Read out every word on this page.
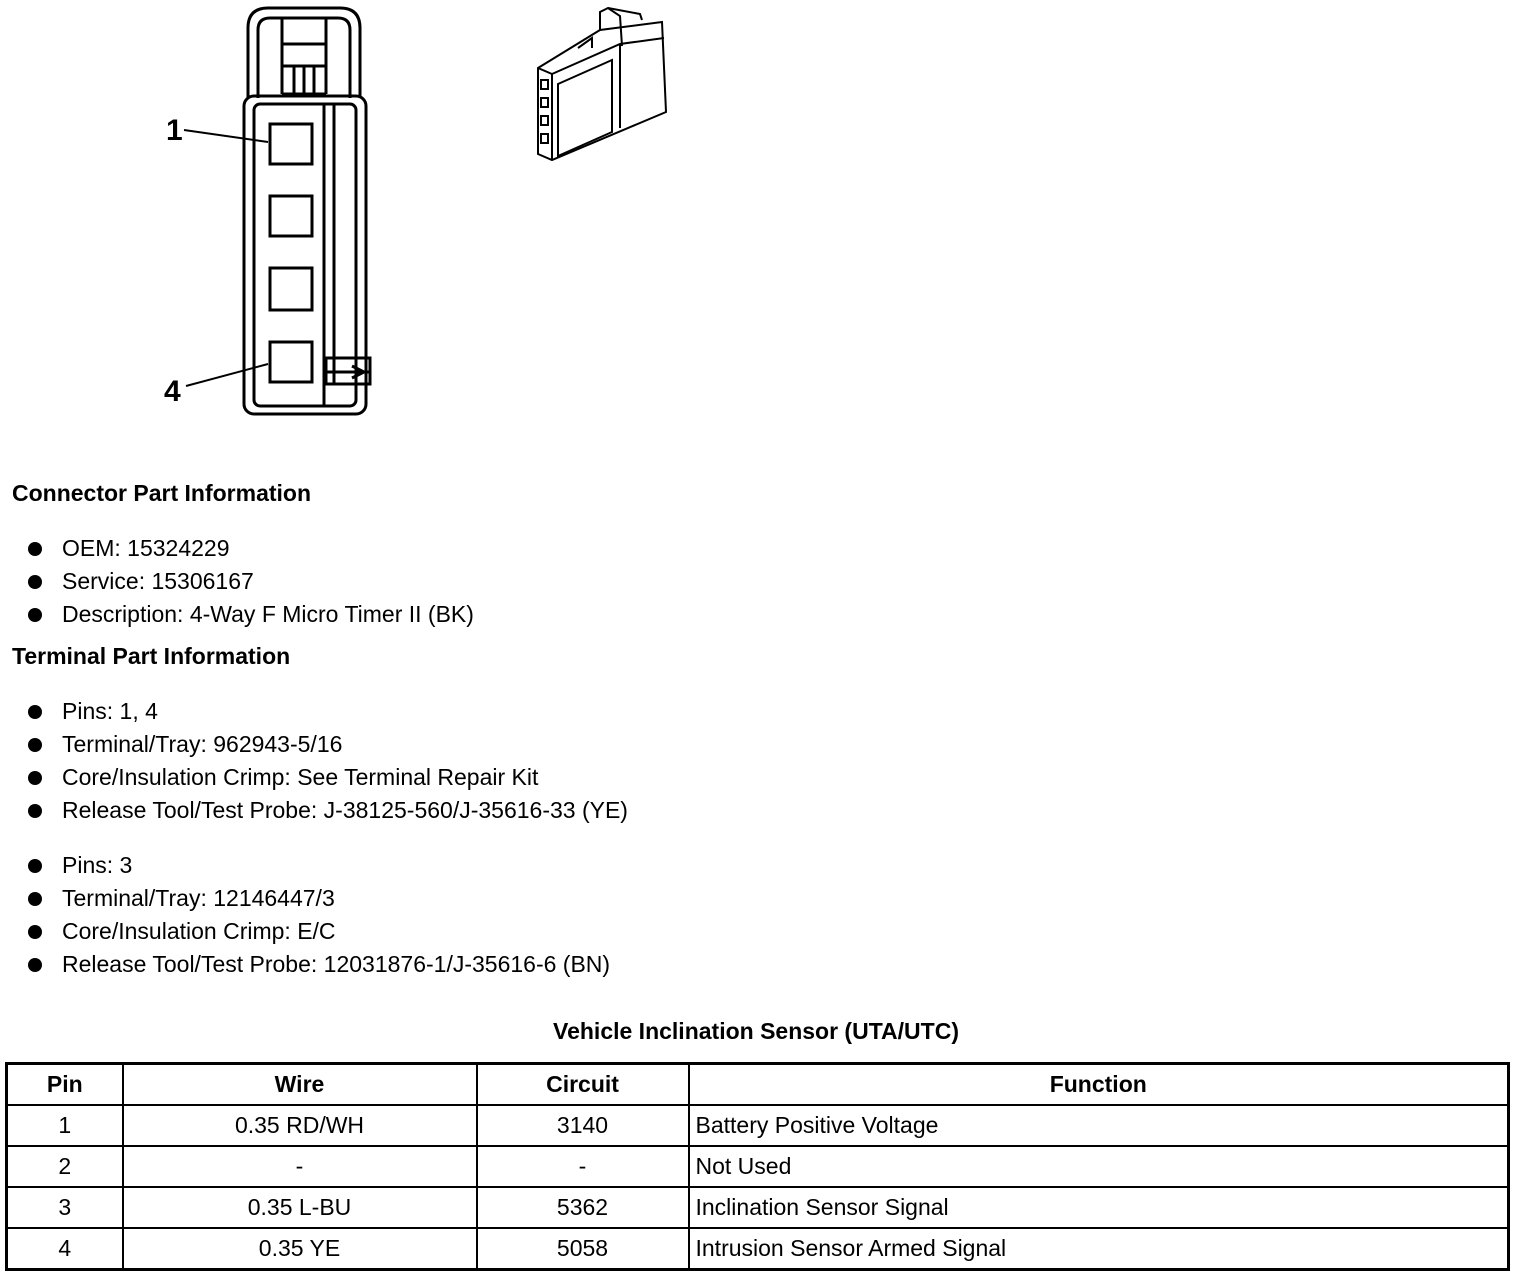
1
4
Connector Part Information
OEM: 15324229
Service: 15306167
Description: 4-Way F Micro Timer II (BK)
Terminal Part Information
Pins: 1, 4
Terminal/Tray: 962943-5/16
Core/Insulation Crimp: See Terminal Repair Kit
Release Tool/Test Probe: J-38125-560/J-35616-33 (YE)
Pins: 3
Terminal/Tray: 12146447/3
Core/Insulation Crimp: E/C
Release Tool/Test Probe: 12031876-1/J-35616-6 (BN)
Vehicle Inclination Sensor (UTA/UTC)
Pin	Wire	Circuit	Function
1	0.35 RD/WH	3140	Battery Positive Voltage
2	-	-	Not Used
3	0.35 L-BU	5362	Inclination Sensor Signal
4	0.35 YE	5058	Intrusion Sensor Armed Signal
